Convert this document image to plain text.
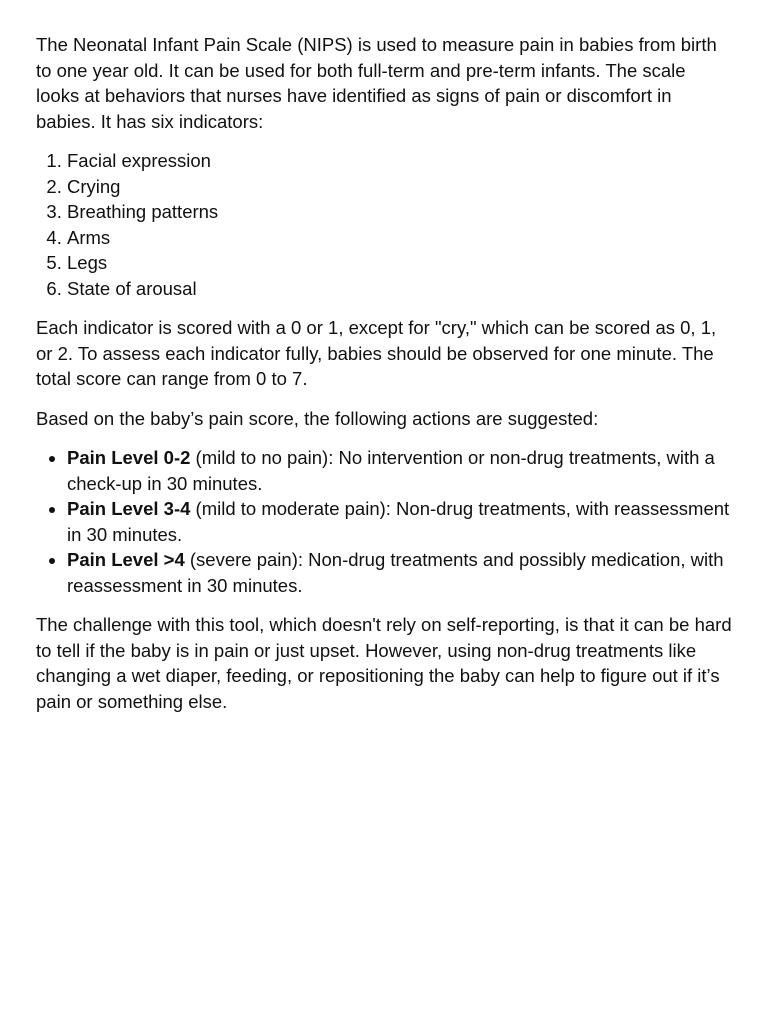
The Neonatal Infant Pain Scale (NIPS) is used to measure pain in babies from birth to one year old. It can be used for both full-term and pre-term infants. The scale looks at behaviors that nurses have identified as signs of pain or discomfort in babies. It has six indicators:

1. Facial expression
2. Crying
3. Breathing patterns
4. Arms
5. Legs
6. State of arousal

Each indicator is scored with a 0 or 1, except for "cry," which can be scored as 0, 1, or 2. To assess each indicator fully, babies should be observed for one minute. The total score can range from 0 to 7.

Based on the baby’s pain score, the following actions are suggested:

• Pain Level 0-2 (mild to no pain): No intervention or non-drug treatments, with a check-up in 30 minutes.
• Pain Level 3-4 (mild to moderate pain): Non-drug treatments, with reassessment in 30 minutes.
• Pain Level >4 (severe pain): Non-drug treatments and possibly medication, with reassessment in 30 minutes.

The challenge with this tool, which doesn't rely on self-reporting, is that it can be hard to tell if the baby is in pain or just upset. However, using non-drug treatments like changing a wet diaper, feeding, or repositioning the baby can help to figure out if it’s pain or something else.
